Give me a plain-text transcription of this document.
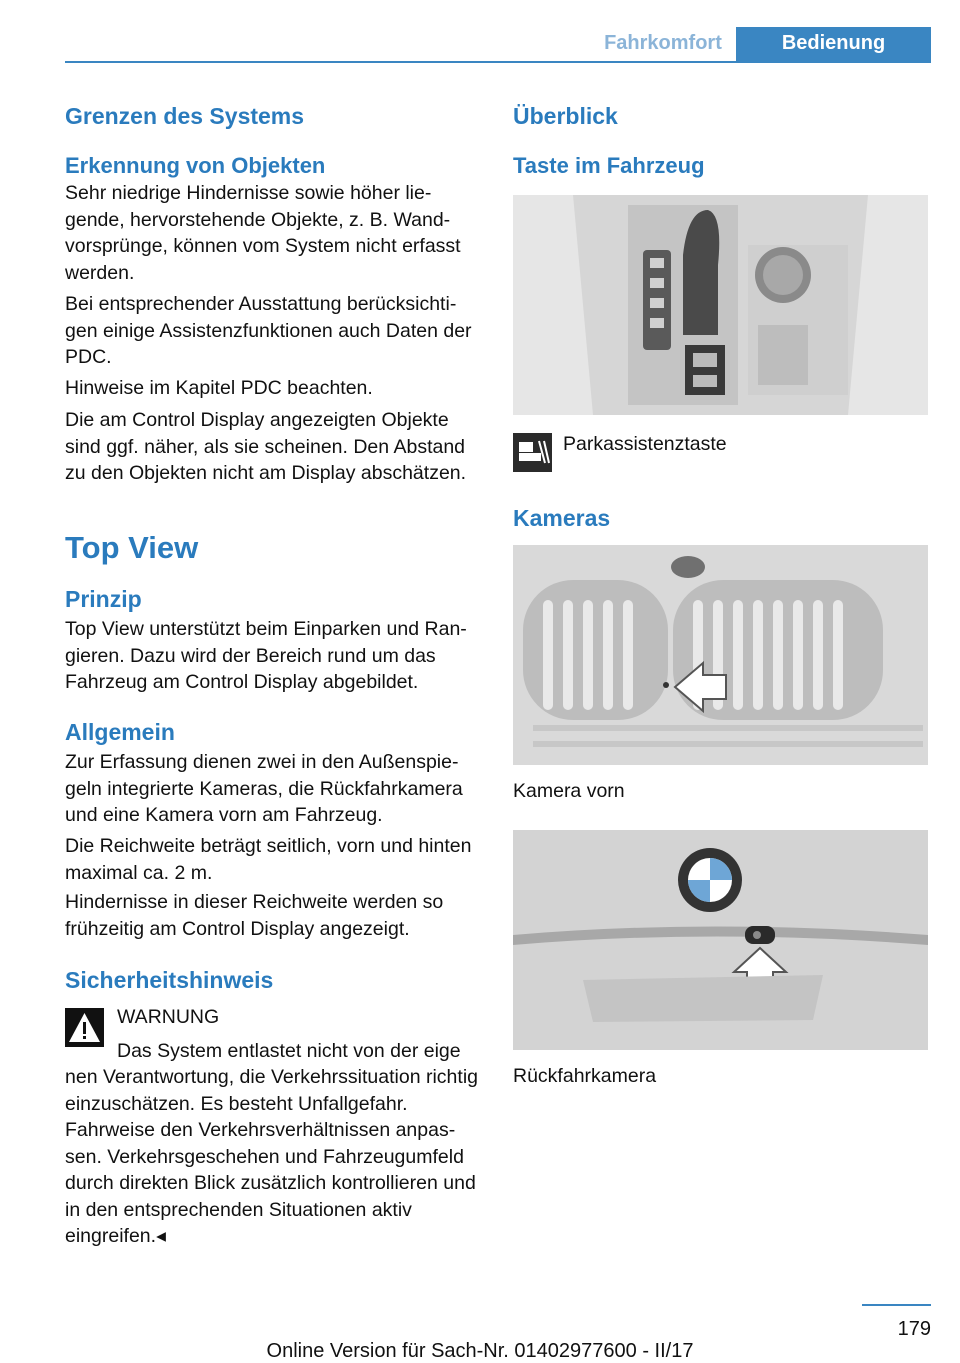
Fahrkomfort	Bedienung
Grenzen des Systems
Erkennung von Objekten

Sehr niedrige Hindernisse sowie höher liegende, hervorstehende Objekte, z. B. Wandvorsprünge, können vom System nicht erfasst werden.

Bei entsprechender Ausstattung berücksichtigen einige Assistenzfunktionen auch Daten der PDC.

Hinweise im Kapitel PDC beachten.

Die am Control Display angezeigten Objekte sind ggf. näher, als sie scheinen. Den Abstand zu den Objekten nicht am Display abschätzen.

Top View
Prinzip

Top View unterstützt beim Einparken und Rangieren. Dazu wird der Bereich rund um das Fahrzeug am Control Display abgebildet.

Allgemein

Zur Erfassung dienen zwei in den Außenspiegeln integrierte Kameras, die Rückfahrkamera und eine Kamera vorn am Fahrzeug.

Die Reichweite beträgt seitlich, vorn und hinten maximal ca. 2 m.

Hindernisse in dieser Reichweite werden so frühzeitig am Control Display angezeigt.

Sicherheitshinweis
WARNUNG
Das System entlastet nicht von der eige

nen Verantwortung, die Verkehrssituation richtig einzuschätzen. Es besteht Unfallgefahr. Fahrweise den Verkehrsverhältnissen anpassen. Verkehrsgeschehen und Fahrzeugumfeld durch direkten Blick zusätzlich kontrollieren und in den entsprechenden Situationen aktiv eingreifen.◂

Überblick
Taste im Fahrzeug
Parkassistenztaste
Kameras
Kamera vorn
Rückfahrkamera
179
Online Version für Sach-Nr. 01402977600 - II/17
